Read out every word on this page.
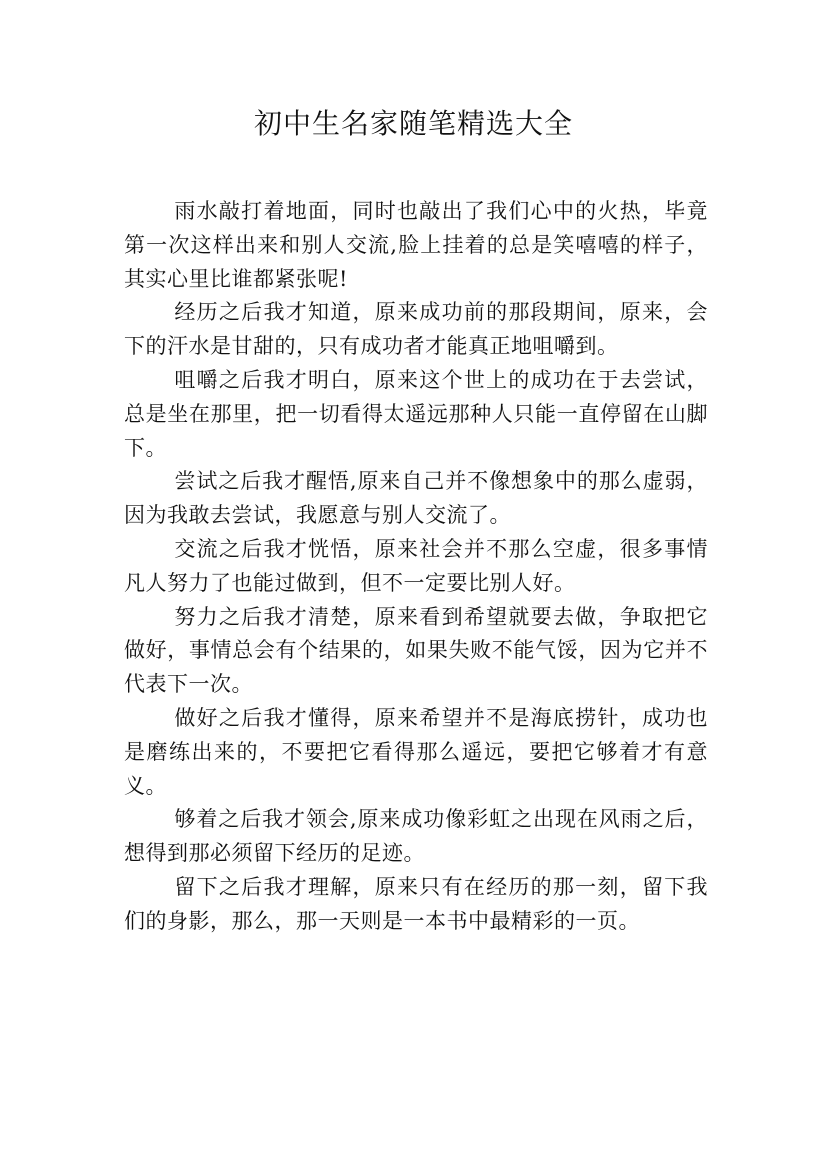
初中生名家随笔精选大全

雨水敲打着地面，同时也敲出了我们心中的火热，毕竟第一次这样出来和别人交流,脸上挂着的总是笑嘻嘻的样子，其实心里比谁都紧张呢!

经历之后我才知道，原来成功前的那段期间，原来，会下的汗水是甘甜的，只有成功者才能真正地咀嚼到。

咀嚼之后我才明白，原来这个世上的成功在于去尝试，总是坐在那里，把一切看得太遥远那种人只能一直停留在山脚下。

尝试之后我才醒悟,原来自己并不像想象中的那么虚弱，因为我敢去尝试，我愿意与别人交流了。

交流之后我才恍悟，原来社会并不那么空虚，很多事情凡人努力了也能过做到，但不一定要比别人好。

努力之后我才清楚，原来看到希望就要去做，争取把它做好，事情总会有个结果的，如果失败不能气馁，因为它并不代表下一次。

做好之后我才懂得，原来希望并不是海底捞针，成功也是磨练出来的，不要把它看得那么遥远，要把它够着才有意义。

够着之后我才领会,原来成功像彩虹之出现在风雨之后，想得到那必须留下经历的足迹。

留下之后我才理解，原来只有在经历的那一刻，留下我们的身影，那么，那一天则是一本书中最精彩的一页。
